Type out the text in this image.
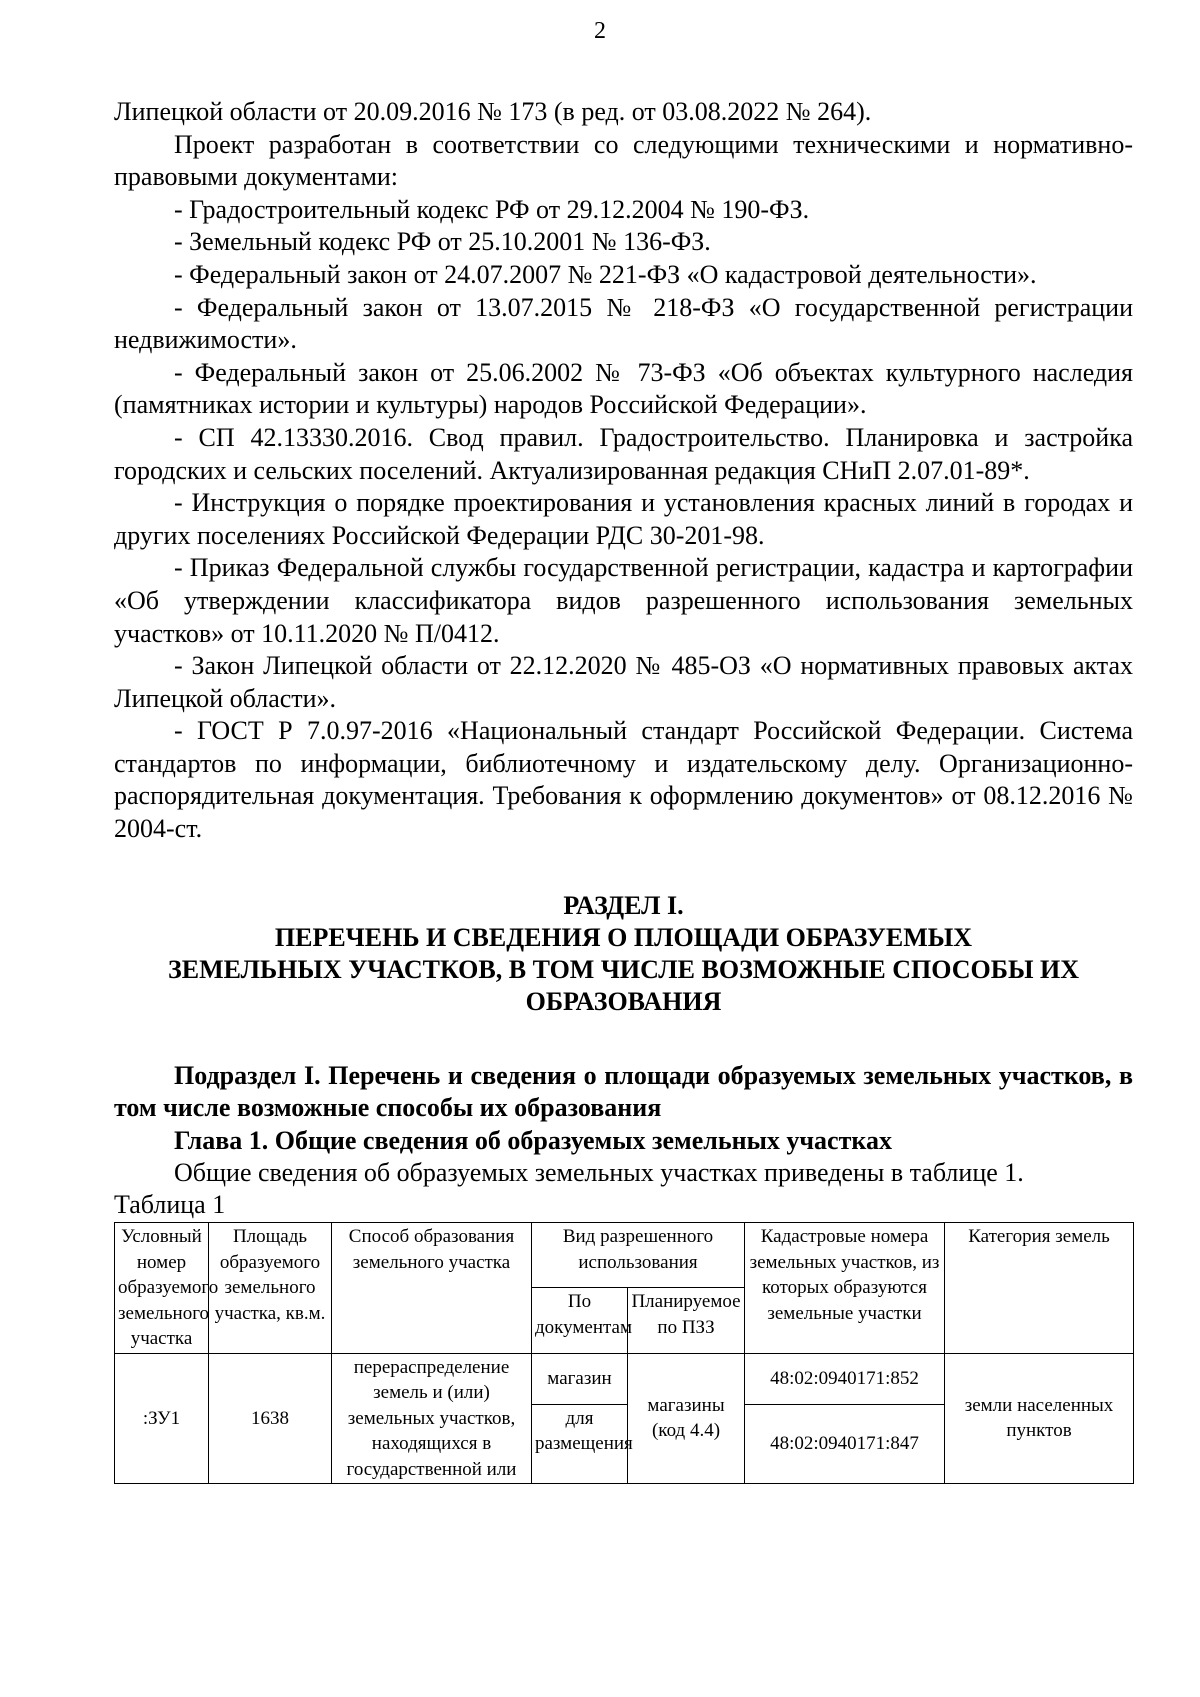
2

Липецкой области от 20.09.2016 № 173 (в ред. от 03.08.2022 № 264).

Проект разработан в соответствии со следующими техническими и нормативно-правовыми документами:

- Градостроительный кодекс РФ от 29.12.2004 № 190-ФЗ.

- Земельный кодекс РФ от 25.10.2001 № 136-ФЗ.

- Федеральный закон от 24.07.2007 № 221-ФЗ «О кадастровой деятельности».

- Федеральный закон от 13.07.2015 № 218-ФЗ «О государственной регистрации недвижимости».

- Федеральный закон от 25.06.2002 № 73-ФЗ «Об объектах культурного наследия (памятниках истории и культуры) народов Российской Федерации».

- СП 42.13330.2016. Свод правил. Градостроительство. Планировка и застройка городских и сельских поселений. Актуализированная редакция СНиП 2.07.01-89*.

- Инструкция о порядке проектирования и установления красных линий в городах и других поселениях Российской Федерации РДС 30-201-98.

- Приказ Федеральной службы государственной регистрации, кадастра и картографии «Об утверждении классификатора видов разрешенного использования земельных участков» от 10.11.2020 № П/0412.

- Закон Липецкой области от 22.12.2020 № 485-ОЗ «О нормативных правовых актах Липецкой области».

- ГОСТ Р 7.0.97-2016 «Национальный стандарт Российской Федерации. Система стандартов по информации, библиотечному и издательскому делу. Организационно-распорядительная документация. Требования к оформлению документов» от 08.12.2016 № 2004-ст.

РАЗДЕЛ I.
ПЕРЕЧЕНЬ И СВЕДЕНИЯ О ПЛОЩАДИ ОБРАЗУЕМЫХ
ЗЕМЕЛЬНЫХ УЧАСТКОВ, В ТОМ ЧИСЛЕ ВОЗМОЖНЫЕ СПОСОБЫ ИХ
ОБРАЗОВАНИЯ

Подраздел I. Перечень и сведения о площади образуемых земельных участков, в том числе возможные способы их образования

Глава 1. Общие сведения об образуемых земельных участках

Общие сведения об образуемых земельных участках приведены в таблице 1.

Таблица 1

Условный номер образуемого земельного участка	Площадь образуемого земельного участка, кв.м.	Способ образования земельного участка	Вид разрешенного использования		Кадастровые номера земельных участков, из которых образуются земельные участки	Категория земель
			По документам	Планируемое по ПЗЗ		
:ЗУ1	1638	перераспределение земель и (или) земельных участков, находящихся в государственной или	магазин	магазины (код 4.4)	48:02:0940171:852	земли населенных пунктов
			для размещения		48:02:0940171:847	
